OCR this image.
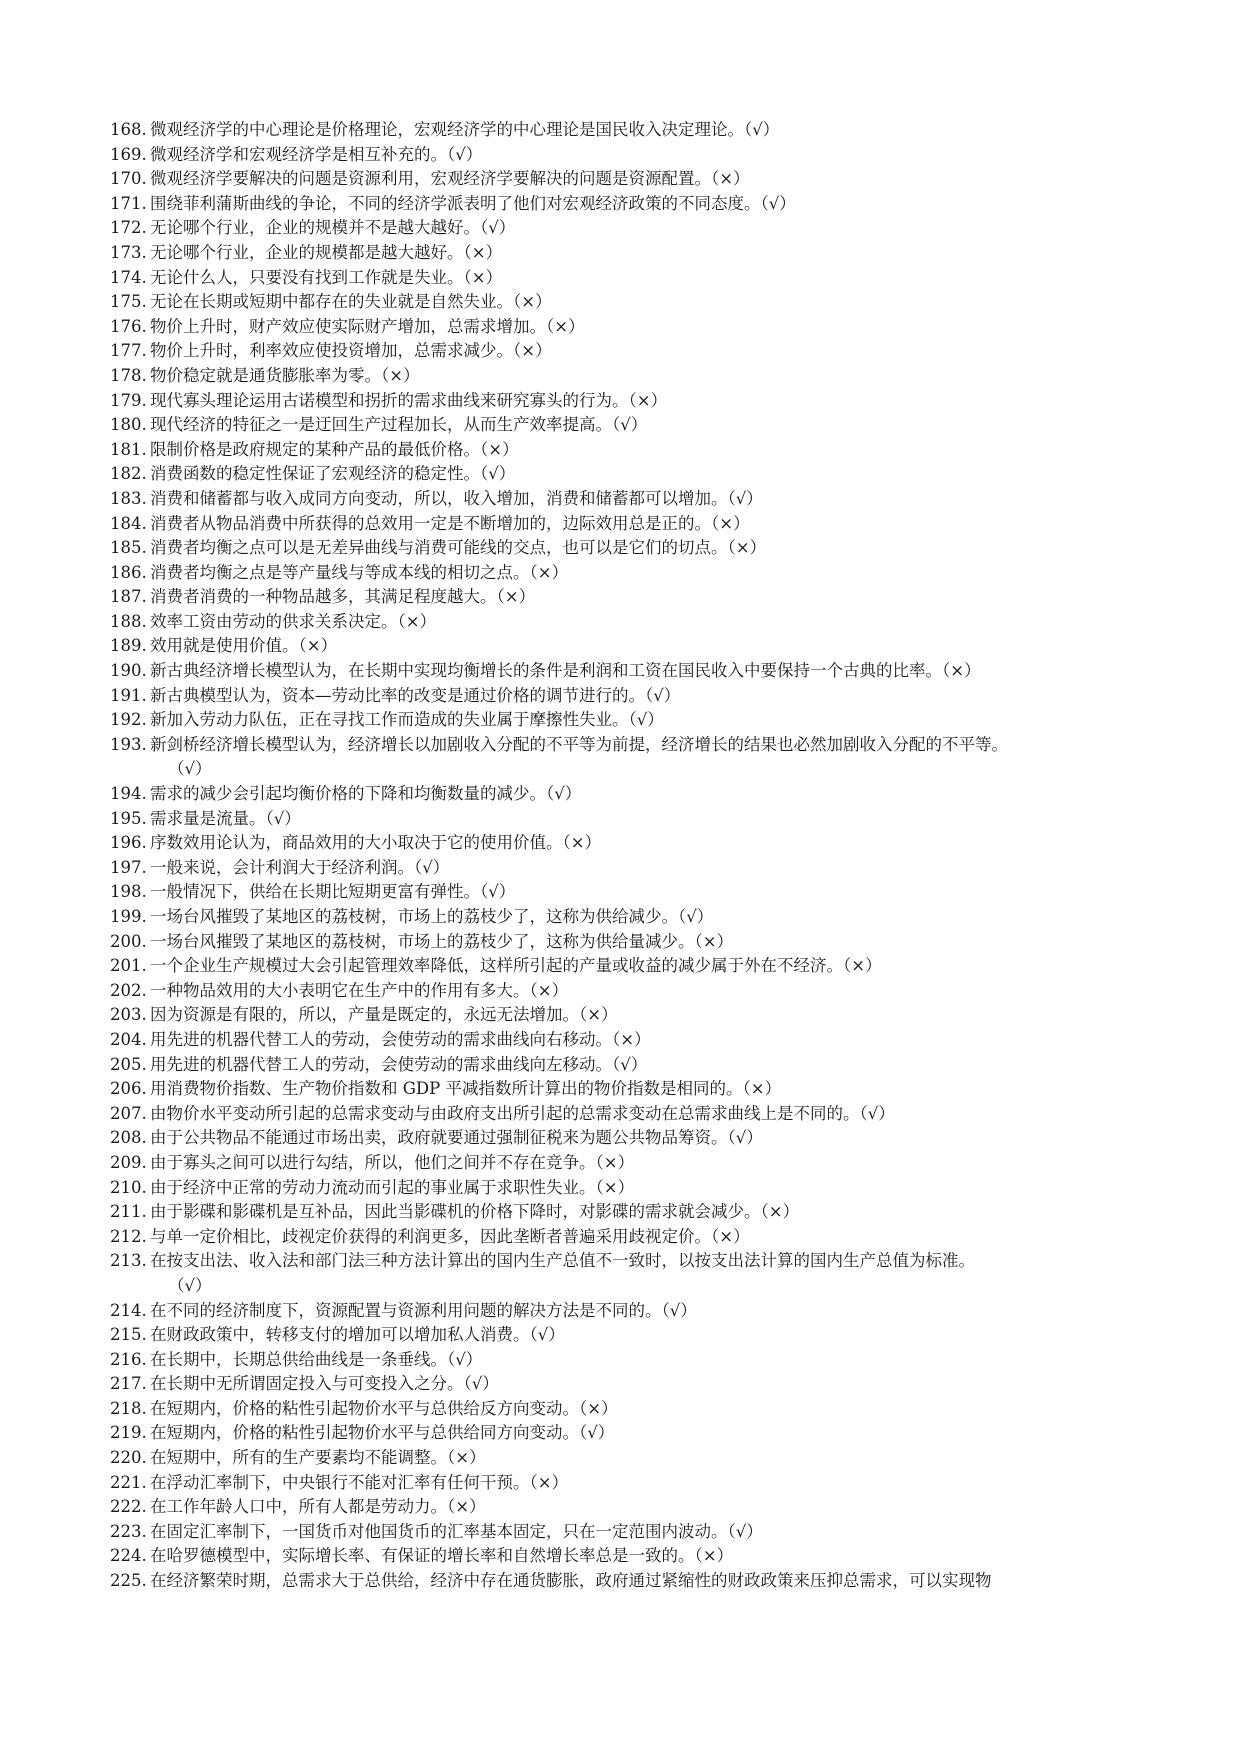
168. 微观经济学的中心理论是价格理论，宏观经济学的中心理论是国民收入决定理论。（√）
169. 微观经济学和宏观经济学是相互补充的。（√）
170. 微观经济学要解决的问题是资源利用，宏观经济学要解决的问题是资源配置。（×）
171. 围绕菲利蒲斯曲线的争论，不同的经济学派表明了他们对宏观经济政策的不同态度。（√）
172. 无论哪个行业，企业的规模并不是越大越好。（√）
173. 无论哪个行业，企业的规模都是越大越好。（×）
174. 无论什么人，只要没有找到工作就是失业。（×）
175. 无论在长期或短期中都存在的失业就是自然失业。（×）
176. 物价上升时，财产效应使实际财产增加，总需求增加。（×）
177. 物价上升时，利率效应使投资增加，总需求减少。（×）
178. 物价稳定就是通货膨胀率为零。（×）
179. 现代寡头理论运用古诺模型和拐折的需求曲线来研究寡头的行为。（×）
180. 现代经济的特征之一是迂回生产过程加长，从而生产效率提高。（√）
181. 限制价格是政府规定的某种产品的最低价格。（×）
182. 消费函数的稳定性保证了宏观经济的稳定性。（√）
183. 消费和储蓄都与收入成同方向变动，所以，收入增加，消费和储蓄都可以增加。（√）
184. 消费者从物品消费中所获得的总效用一定是不断增加的，边际效用总是正的。（×）
185. 消费者均衡之点可以是无差异曲线与消费可能线的交点，也可以是它们的切点。（×）
186. 消费者均衡之点是等产量线与等成本线的相切之点。（×）
187. 消费者消费的一种物品越多，其满足程度越大。（×）
188. 效率工资由劳动的供求关系决定。（×）
189. 效用就是使用价值。（×）
190. 新古典经济增长模型认为，在长期中实现均衡增长的条件是利润和工资在国民收入中要保持一个古典的比率。（×）
191. 新古典模型认为，资本—劳动比率的改变是通过价格的调节进行的。（√）
192. 新加入劳动力队伍，正在寻找工作而造成的失业属于摩擦性失业。（√）
193. 新剑桥经济增长模型认为，经济增长以加剧收入分配的不平等为前提，经济增长的结果也必然加剧收入分配的不平等。
（√）
194. 需求的减少会引起均衡价格的下降和均衡数量的减少。（√）
195. 需求量是流量。（√）
196. 序数效用论认为，商品效用的大小取决于它的使用价值。（×）
197. 一般来说，会计利润大于经济利润。（√）
198. 一般情况下，供给在长期比短期更富有弹性。（√）
199. 一场台风摧毁了某地区的荔枝树，市场上的荔枝少了，这称为供给减少。（√）
200. 一场台风摧毁了某地区的荔枝树，市场上的荔枝少了，这称为供给量减少。（×）
201. 一个企业生产规模过大会引起管理效率降低，这样所引起的产量或收益的减少属于外在不经济。（×）
202. 一种物品效用的大小表明它在生产中的作用有多大。（×）
203. 因为资源是有限的，所以，产量是既定的，永远无法增加。（×）
204. 用先进的机器代替工人的劳动，会使劳动的需求曲线向右移动。（×）
205. 用先进的机器代替工人的劳动，会使劳动的需求曲线向左移动。（√）
206. 用消费物价指数、生产物价指数和 GDP 平减指数所计算出的物价指数是相同的。（×）
207. 由物价水平变动所引起的总需求变动与由政府支出所引起的总需求变动在总需求曲线上是不同的。（√）
208. 由于公共物品不能通过市场出卖，政府就要通过强制征税来为题公共物品筹资。（√）
209. 由于寡头之间可以进行勾结，所以，他们之间并不存在竞争。（×）
210. 由于经济中正常的劳动力流动而引起的事业属于求职性失业。（×）
211. 由于影碟和影碟机是互补品，因此当影碟机的价格下降时，对影碟的需求就会减少。（×）
212. 与单一定价相比，歧视定价获得的利润更多，因此垄断者普遍采用歧视定价。（×）
213. 在按支出法、收入法和部门法三种方法计算出的国内生产总值不一致时，以按支出法计算的国内生产总值为标准。
（√）
214. 在不同的经济制度下，资源配置与资源利用问题的解决方法是不同的。（√）
215. 在财政政策中，转移支付的增加可以增加私人消费。（√）
216. 在长期中，长期总供给曲线是一条垂线。（√）
217. 在长期中无所谓固定投入与可变投入之分。（√）
218. 在短期内，价格的粘性引起物价水平与总供给反方向变动。（×）
219. 在短期内，价格的粘性引起物价水平与总供给同方向变动。（√）
220. 在短期中，所有的生产要素均不能调整。（×）
221. 在浮动汇率制下，中央银行不能对汇率有任何干预。（×）
222. 在工作年龄人口中，所有人都是劳动力。（×）
223. 在固定汇率制下，一国货币对他国货币的汇率基本固定，只在一定范围内波动。（√）
224. 在哈罗德模型中，实际增长率、有保证的增长率和自然增长率总是一致的。（×）
225. 在经济繁荣时期，总需求大于总供给，经济中存在通货膨胀，政府通过紧缩性的财政政策来压抑总需求，可以实现物
